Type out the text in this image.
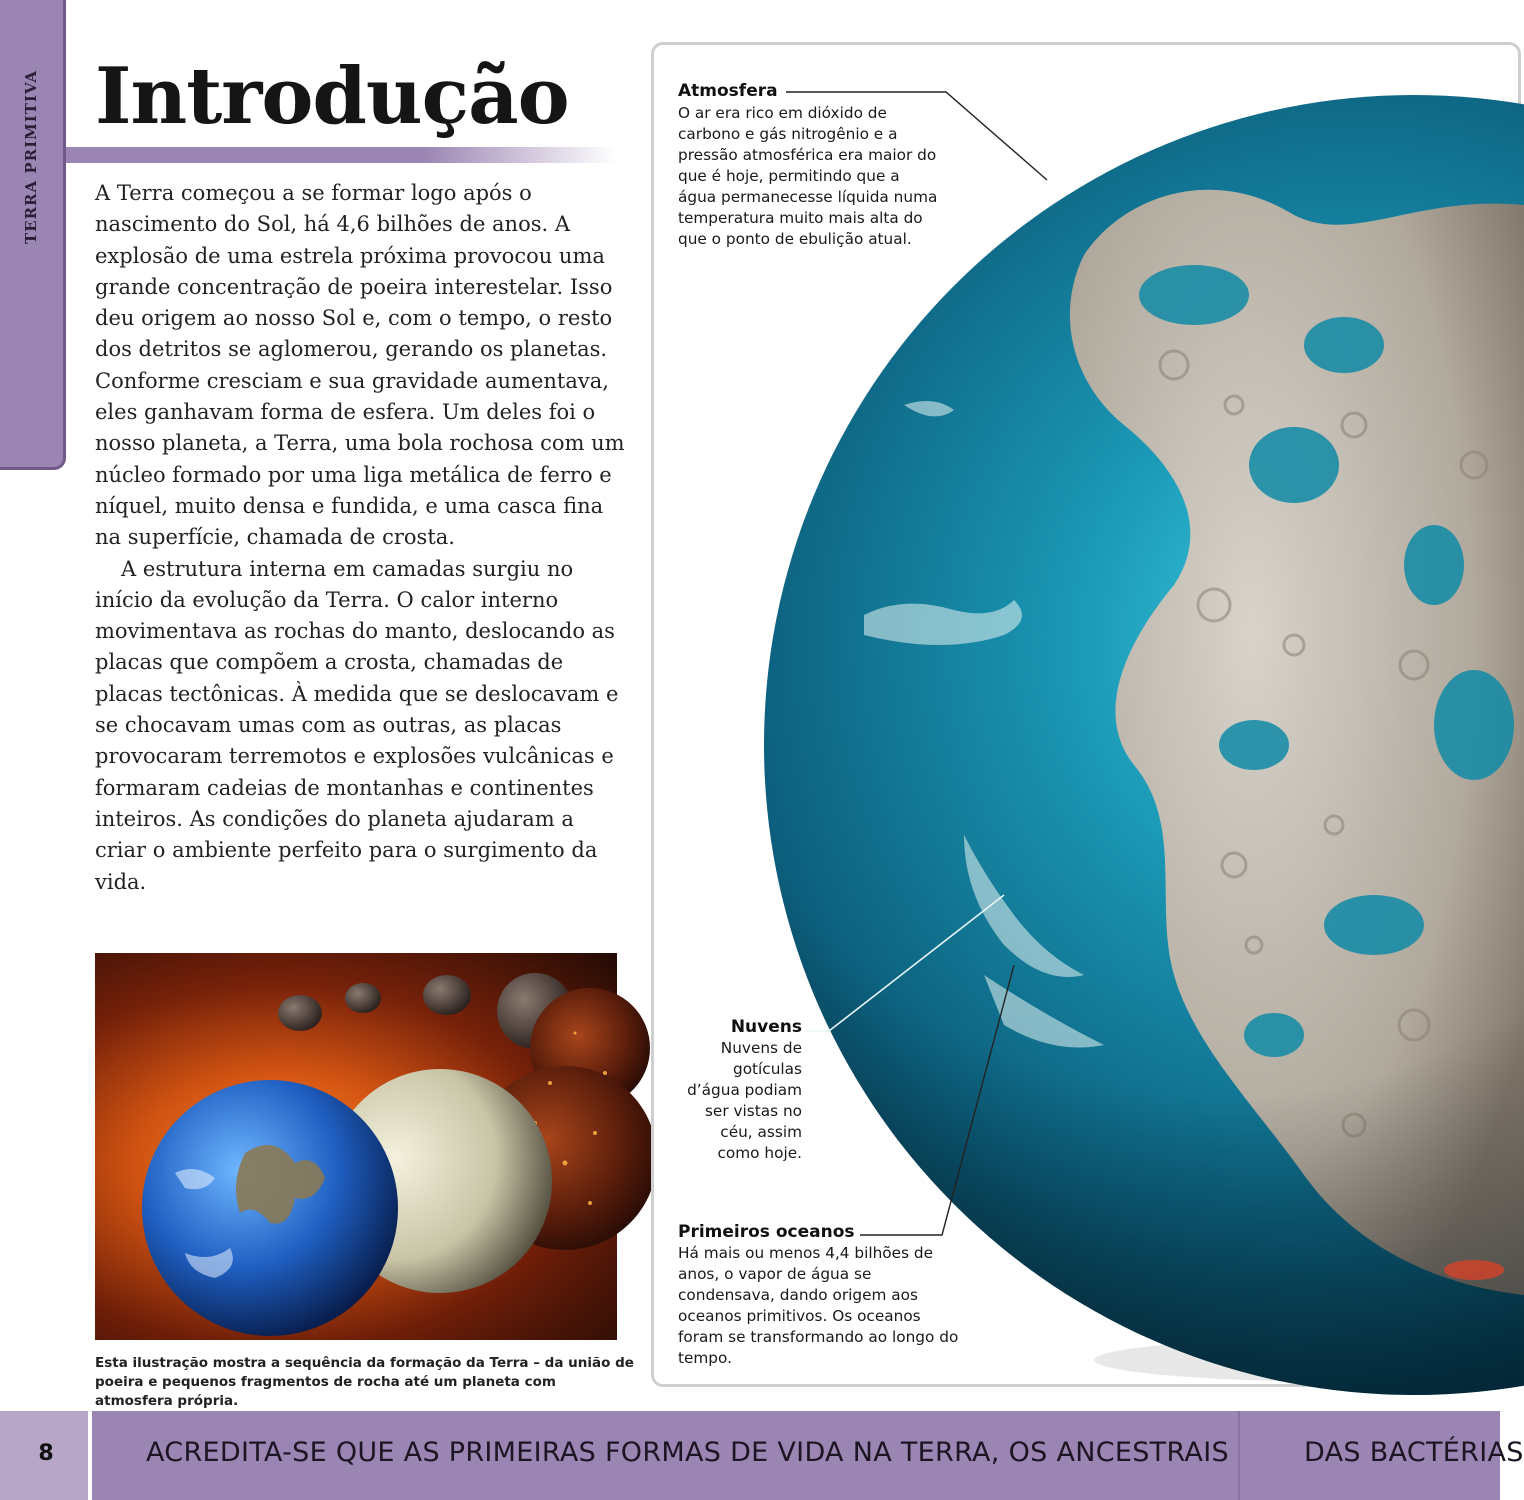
TERRA PRIMITIVA Introdução

A Terra começou a se formar logo após o nascimento do Sol, há 4,6 bilhões de anos. A explosão de uma estrela próxima provocou uma grande concentração de poeira interestelar. Isso deu origem ao nosso Sol e, com o tempo, o resto dos detritos se aglomerou, gerando os planetas. Conforme cresciam e sua gravidade aumentava, eles ganhavam forma de esfera. Um deles foi o nosso planeta, a Terra, uma bola rochosa com um núcleo formado por uma liga metálica de ferro e níquel, muito densa e fundida, e uma casca fina na superfície, chamada de crosta.

A estrutura interna em camadas surgiu no início da evolução da Terra. O calor interno movimentava as rochas do manto, deslocando as placas que compõem a crosta, chamadas de placas tectônicas. À medida que se deslocavam e se chocavam umas com as outras, as placas provocaram terremotos e explosões vulcânicas e formaram cadeias de montanhas e continentes inteiros. As condições do planeta ajudaram a criar o ambiente perfeito para o surgimento da vida.

Esta ilustração mostra a sequência da formação da Terra – da união de poeira e pequenos fragmentos de rocha até um planeta com atmosfera própria.
Atmosfera

O ar era rico em dióxido de carbono e gás nitrogênio e a pressão atmosférica era maior do que é hoje, permitindo que a água permanecesse líquida numa temperatura muito mais alta do que o ponto de ebulição atual.

Nuvens

Nuvens de gotículas d’água podiam ser vistas no céu, assim como hoje.

Primeiros oceanos

Há mais ou menos 4,4 bilhões de anos, o vapor de água se condensava, dando origem aos oceanos primitivos. Os oceanos foram se transformando ao longo do tempo.

8	ACREDITA-SE QUE AS PRIMEIRAS FORMAS DE VIDA NA TERRA, OS ANCESTRAIS	DAS BACTÉRIAS
